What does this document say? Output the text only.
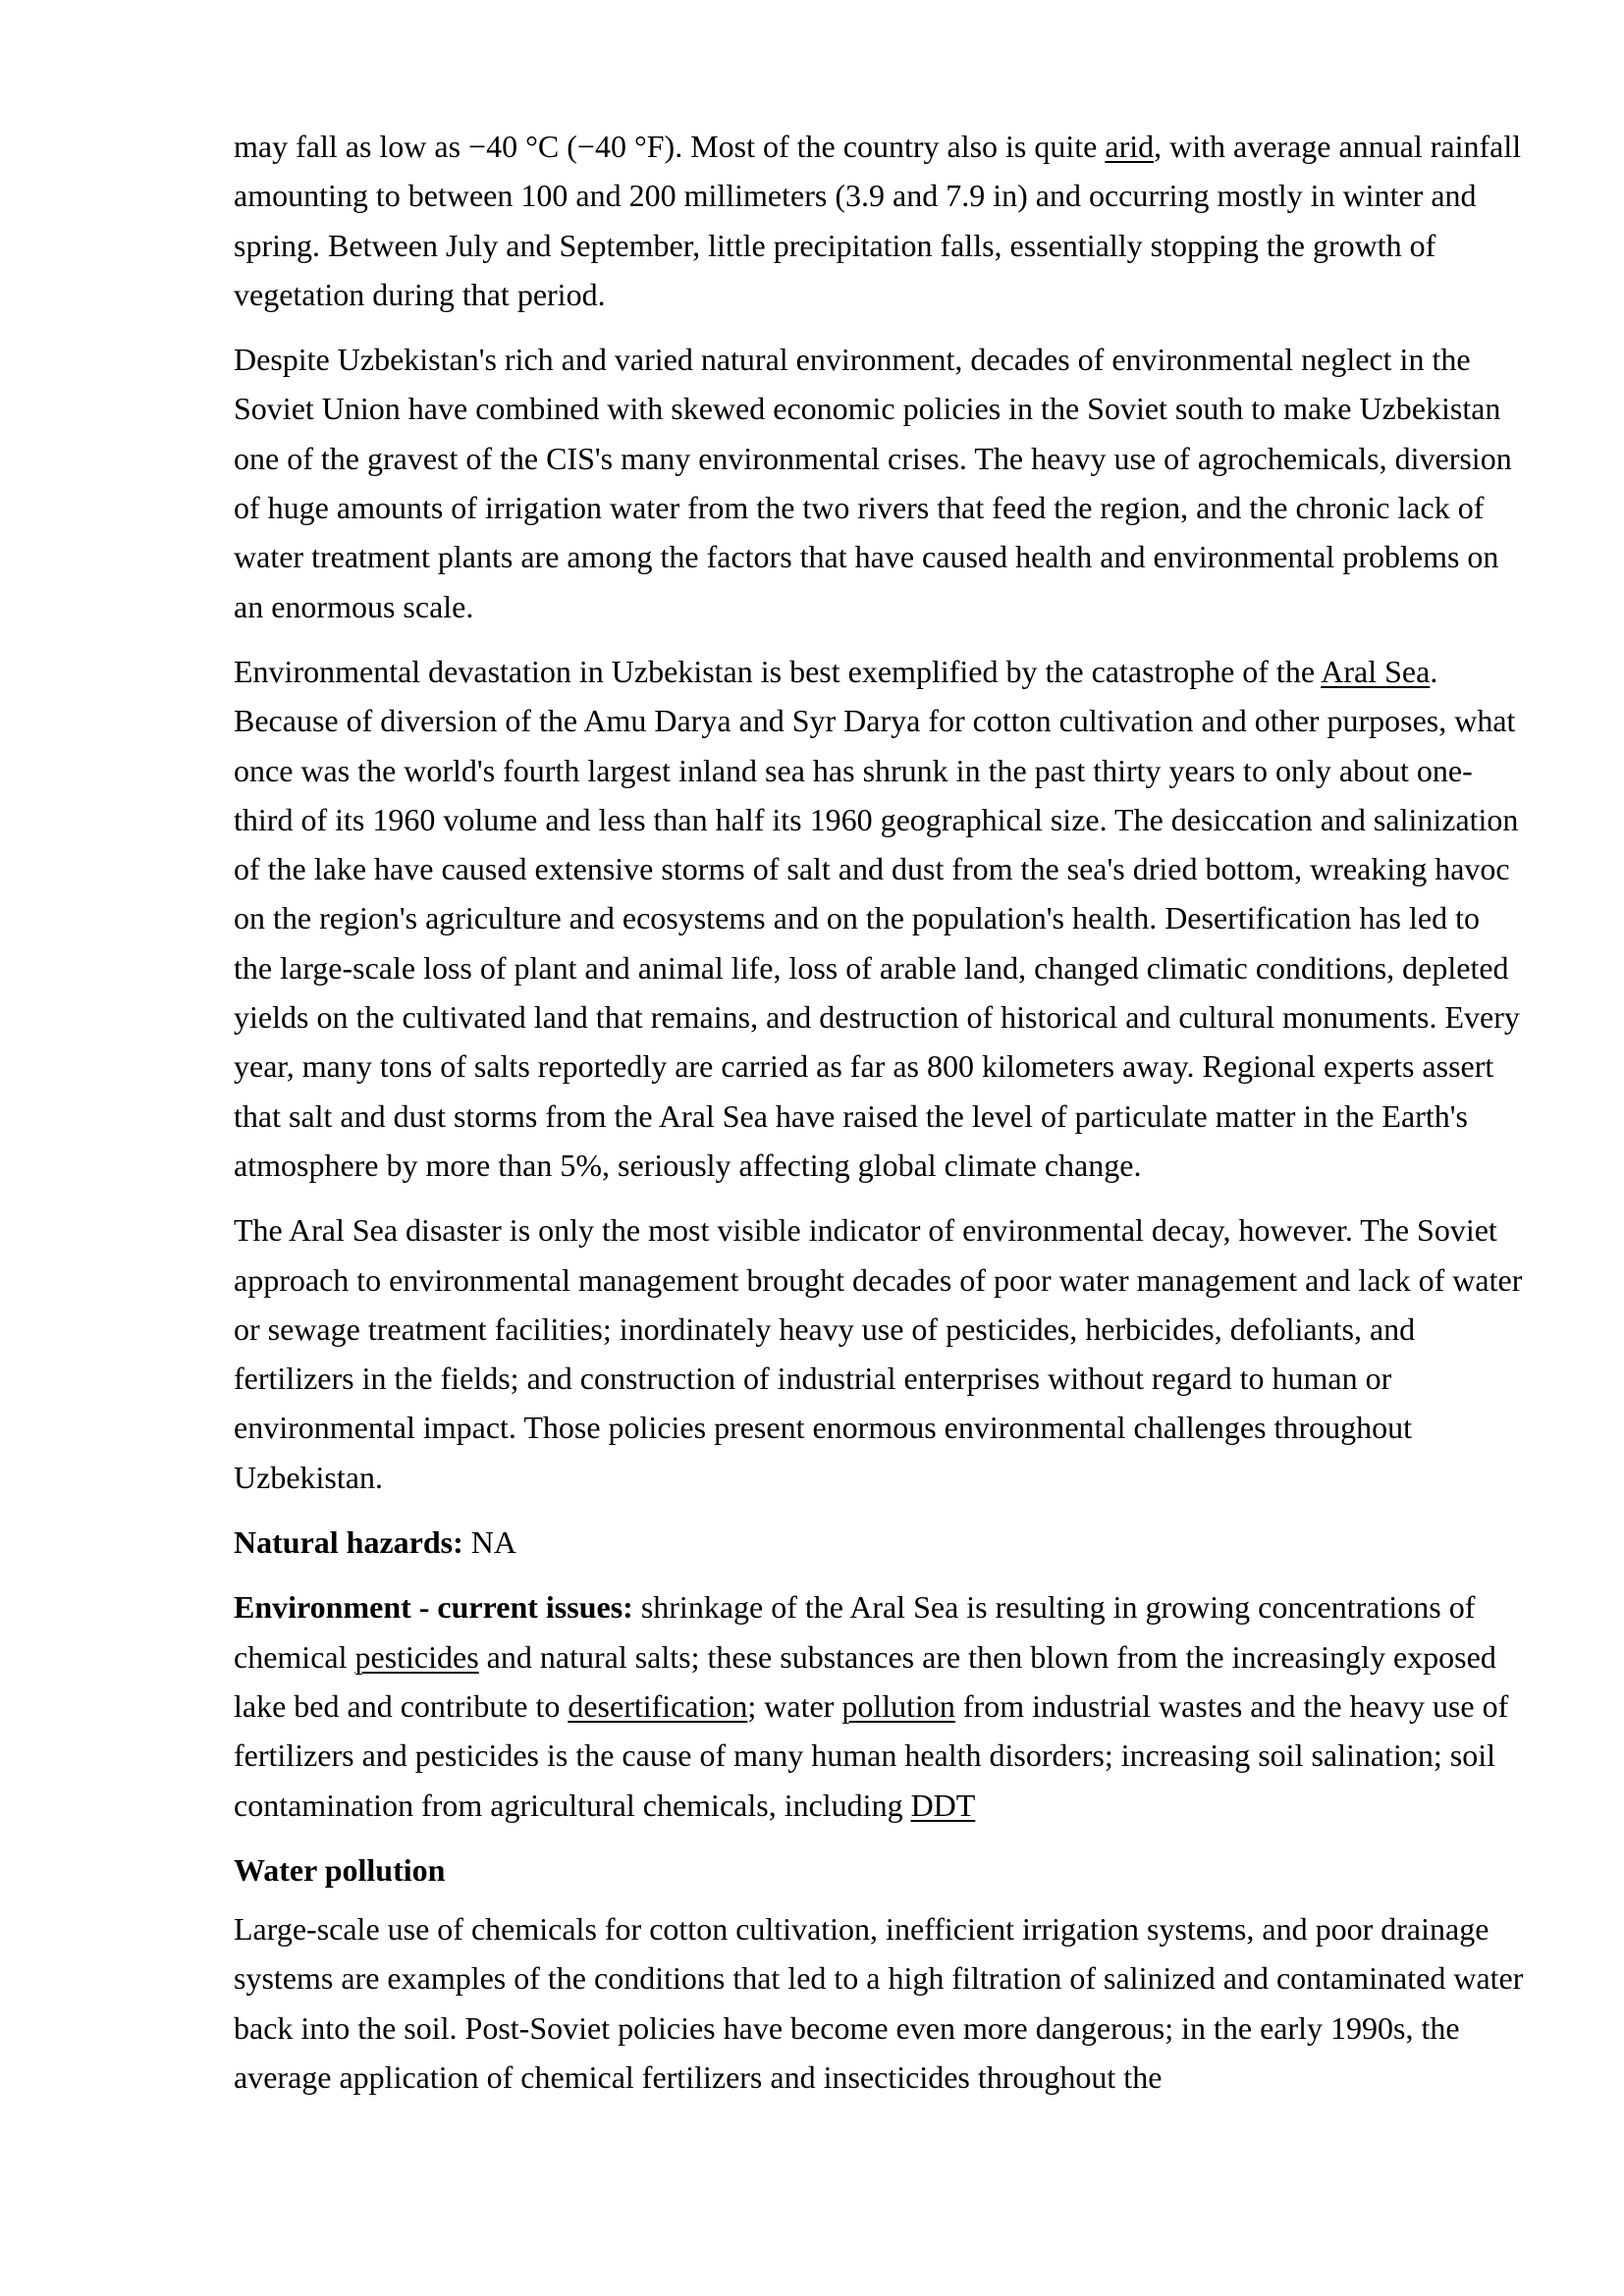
may fall as low as −40 °C (−40 °F). Most of the country also is quite arid, with average annual rainfall amounting to between 100 and 200 millimeters (3.9 and 7.9 in) and occurring mostly in winter and spring. Between July and September, little precipitation falls, essentially stopping the growth of vegetation during that period.

Despite Uzbekistan's rich and varied natural environment, decades of environmental neglect in the Soviet Union have combined with skewed economic policies in the Soviet south to make Uzbekistan one of the gravest of the CIS's many environmental crises. The heavy use of agrochemicals, diversion of huge amounts of irrigation water from the two rivers that feed the region, and the chronic lack of water treatment plants are among the factors that have caused health and environmental problems on an enormous scale.

Environmental devastation in Uzbekistan is best exemplified by the catastrophe of the Aral Sea. Because of diversion of the Amu Darya and Syr Darya for cotton cultivation and other purposes, what once was the world's fourth largest inland sea has shrunk in the past thirty years to only about one-third of its 1960 volume and less than half its 1960 geographical size. The desiccation and salinization of the lake have caused extensive storms of salt and dust from the sea's dried bottom, wreaking havoc on the region's agriculture and ecosystems and on the population's health. Desertification has led to the large-scale loss of plant and animal life, loss of arable land, changed climatic conditions, depleted yields on the cultivated land that remains, and destruction of historical and cultural monuments. Every year, many tons of salts reportedly are carried as far as 800 kilometers away. Regional experts assert that salt and dust storms from the Aral Sea have raised the level of particulate matter in the Earth's atmosphere by more than 5%, seriously affecting global climate change.

The Aral Sea disaster is only the most visible indicator of environmental decay, however. The Soviet approach to environmental management brought decades of poor water management and lack of water or sewage treatment facilities; inordinately heavy use of pesticides, herbicides, defoliants, and fertilizers in the fields; and construction of industrial enterprises without regard to human or environmental impact. Those policies present enormous environmental challenges throughout Uzbekistan.

Natural hazards: NA

Environment - current issues: shrinkage of the Aral Sea is resulting in growing concentrations of chemical pesticides and natural salts; these substances are then blown from the increasingly exposed lake bed and contribute to desertification; water pollution from industrial wastes and the heavy use of fertilizers and pesticides is the cause of many human health disorders; increasing soil salination; soil contamination from agricultural chemicals, including DDT

Water pollution

Large-scale use of chemicals for cotton cultivation, inefficient irrigation systems, and poor drainage systems are examples of the conditions that led to a high filtration of salinized and contaminated water back into the soil. Post-Soviet policies have become even more dangerous; in the early 1990s, the average application of chemical fertilizers and insecticides throughout the
